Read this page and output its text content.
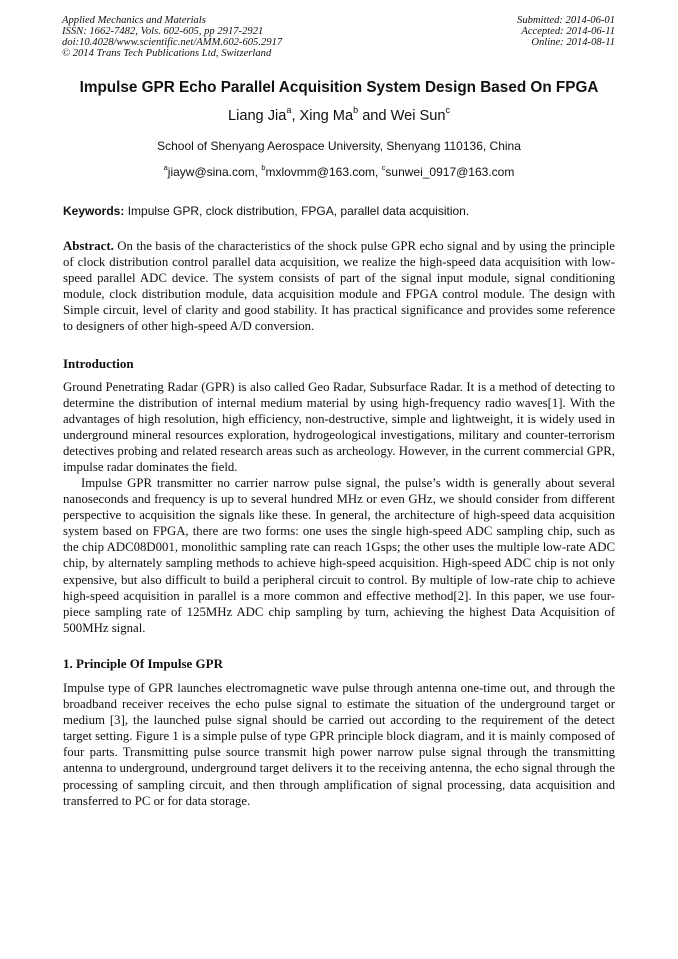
Applied Mechanics and Materials
ISSN: 1662-7482, Vols. 602-605, pp 2917-2921
doi:10.4028/www.scientific.net/AMM.602-605.2917
© 2014 Trans Tech Publications Ltd, Switzerland
Submitted: 2014-06-01
Accepted: 2014-06-11
Online: 2014-08-11
Impulse GPR Echo Parallel Acquisition System Design Based On FPGA
Liang Jia$^a$, Xing Ma$^b$ and Wei Sun$^c$
School of Shenyang Aerospace University, Shenyang 110136, China
$^a$jiayw@sina.com, $^b$mxlovmm@163.com, $^c$sunwei_0917@163.com
Keywords: Impulse GPR, clock distribution, FPGA, parallel data acquisition.
Abstract. On the basis of the characteristics of the shock pulse GPR echo signal and by using the principle of clock distribution control parallel data acquisition, we realize the high-speed data acquisition with low-speed parallel ADC device. The system consists of part of the signal input module, signal conditioning module, clock distribution module, data acquisition module and FPGA control module. The design with Simple circuit, level of clarity and good stability. It has practical significance and provides some reference to designers of other high-speed A/D conversion.
Introduction
Ground Penetrating Radar (GPR) is also called Geo Radar, Subsurface Radar. It is a method of detecting to determine the distribution of internal medium material by using high-frequency radio waves[1]. With the advantages of high resolution, high efficiency, non-destructive, simple and lightweight, it is widely used in underground mineral resources exploration, hydrogeological investigations, military and counter-terrorism detectives probing and related research areas such as archeology. However, in the current commercial GPR, impulse radar dominates the field.
Impulse GPR transmitter no carrier narrow pulse signal, the pulse’s width is generally about several nanoseconds and frequency is up to several hundred MHz or even GHz, we should consider from different perspective to acquisition the signals like these. In general, the architecture of high-speed data acquisition system based on FPGA, there are two forms: one uses the single high-speed ADC sampling chip, such as the chip ADC08D001, monolithic sampling rate can reach 1Gsps; the other uses the multiple low-rate ADC chip, by alternately sampling methods to achieve high-speed acquisition. High-speed ADC chip is not only expensive, but also difficult to build a peripheral circuit to control. By multiple of low-rate chip to achieve high-speed acquisition in parallel is a more common and effective method[2]. In this paper, we use four-piece sampling rate of 125MHz ADC chip sampling by turn, achieving the highest Data Acquisition of 500MHz signal.
1. Principle Of Impulse GPR
Impulse type of GPR launches electromagnetic wave pulse through antenna one-time out, and through the broadband receiver receives the echo pulse signal to estimate the situation of the underground target or medium [3], the launched pulse signal should be carried out according to the requirement of the detect target setting. Figure 1 is a simple pulse of type GPR principle block diagram, and it is mainly composed of four parts. Transmitting pulse source transmit high power narrow pulse signal through the transmitting antenna to underground, underground target delivers it to the receiving antenna, the echo signal through the processing of sampling circuit, and then through amplification of signal processing, data acquisition and transferred to PC or for data storage.
